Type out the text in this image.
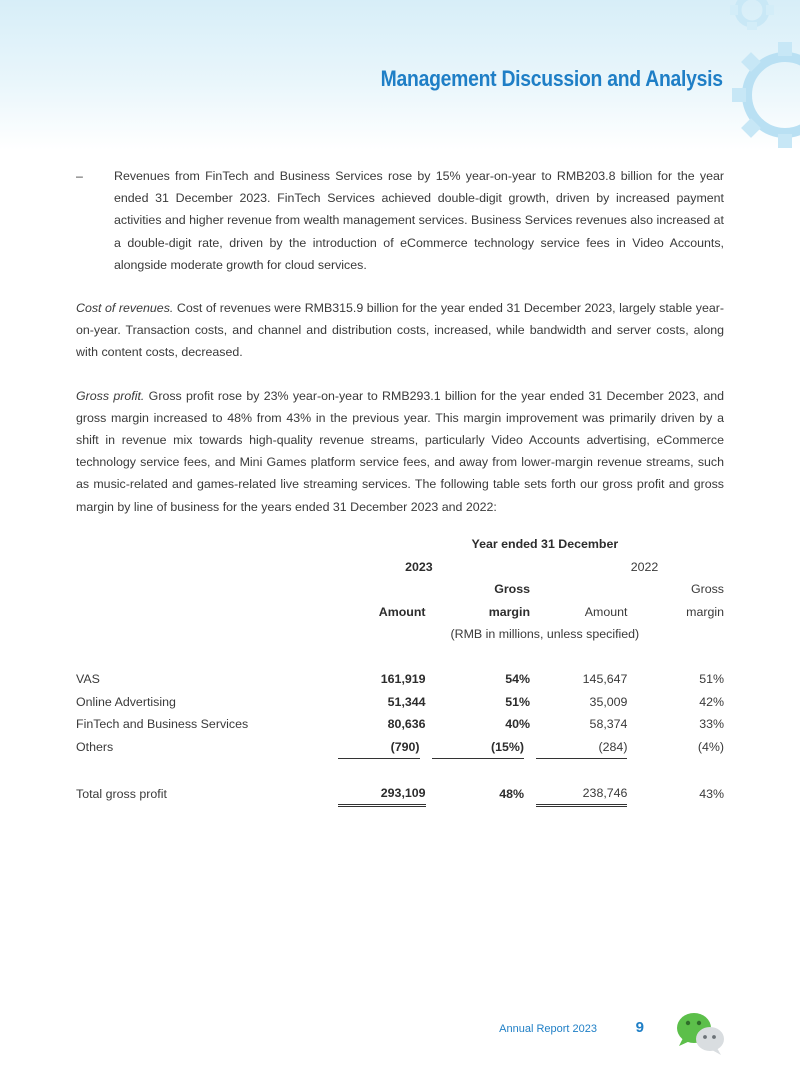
Management Discussion and Analysis
–	Revenues from FinTech and Business Services rose by 15% year-on-year to RMB203.8 billion for the year ended 31 December 2023. FinTech Services achieved double-digit growth, driven by increased payment activities and higher revenue from wealth management services. Business Services revenues also increased at a double-digit rate, driven by the introduction of eCommerce technology service fees in Video Accounts, alongside moderate growth for cloud services.

Cost of revenues. Cost of revenues were RMB315.9 billion for the year ended 31 December 2023, largely stable year-on-year. Transaction costs, and channel and distribution costs, increased, while bandwidth and server costs, along with content costs, decreased.

Gross profit. Gross profit rose by 23% year-on-year to RMB293.1 billion for the year ended 31 December 2023, and gross margin increased to 48% from 43% in the previous year. This margin improvement was primarily driven by a shift in revenue mix towards high-quality revenue streams, particularly Video Accounts advertising, eCommerce technology service fees, and Mini Games platform service fees, and away from lower-margin revenue streams, such as music-related and games-related live streaming services. The following table sets forth our gross profit and gross margin by line of business for the years ended 31 December 2023 and 2022:

	Year ended 31 December			
	2023		2022	
		Gross		Gross
	Amount	margin	Amount	margin
	(RMB in millions, unless specified)			

VAS	161,919	54%	145,647	51%
Online Advertising	51,344	51%	35,009	42%
FinTech and Business Services	80,636	40%	58,374	33%
Others	(790)	(15%)	(284)	(4%)

Total gross profit	293,109	48%	238,746	43%
Annual Report 2023	9
